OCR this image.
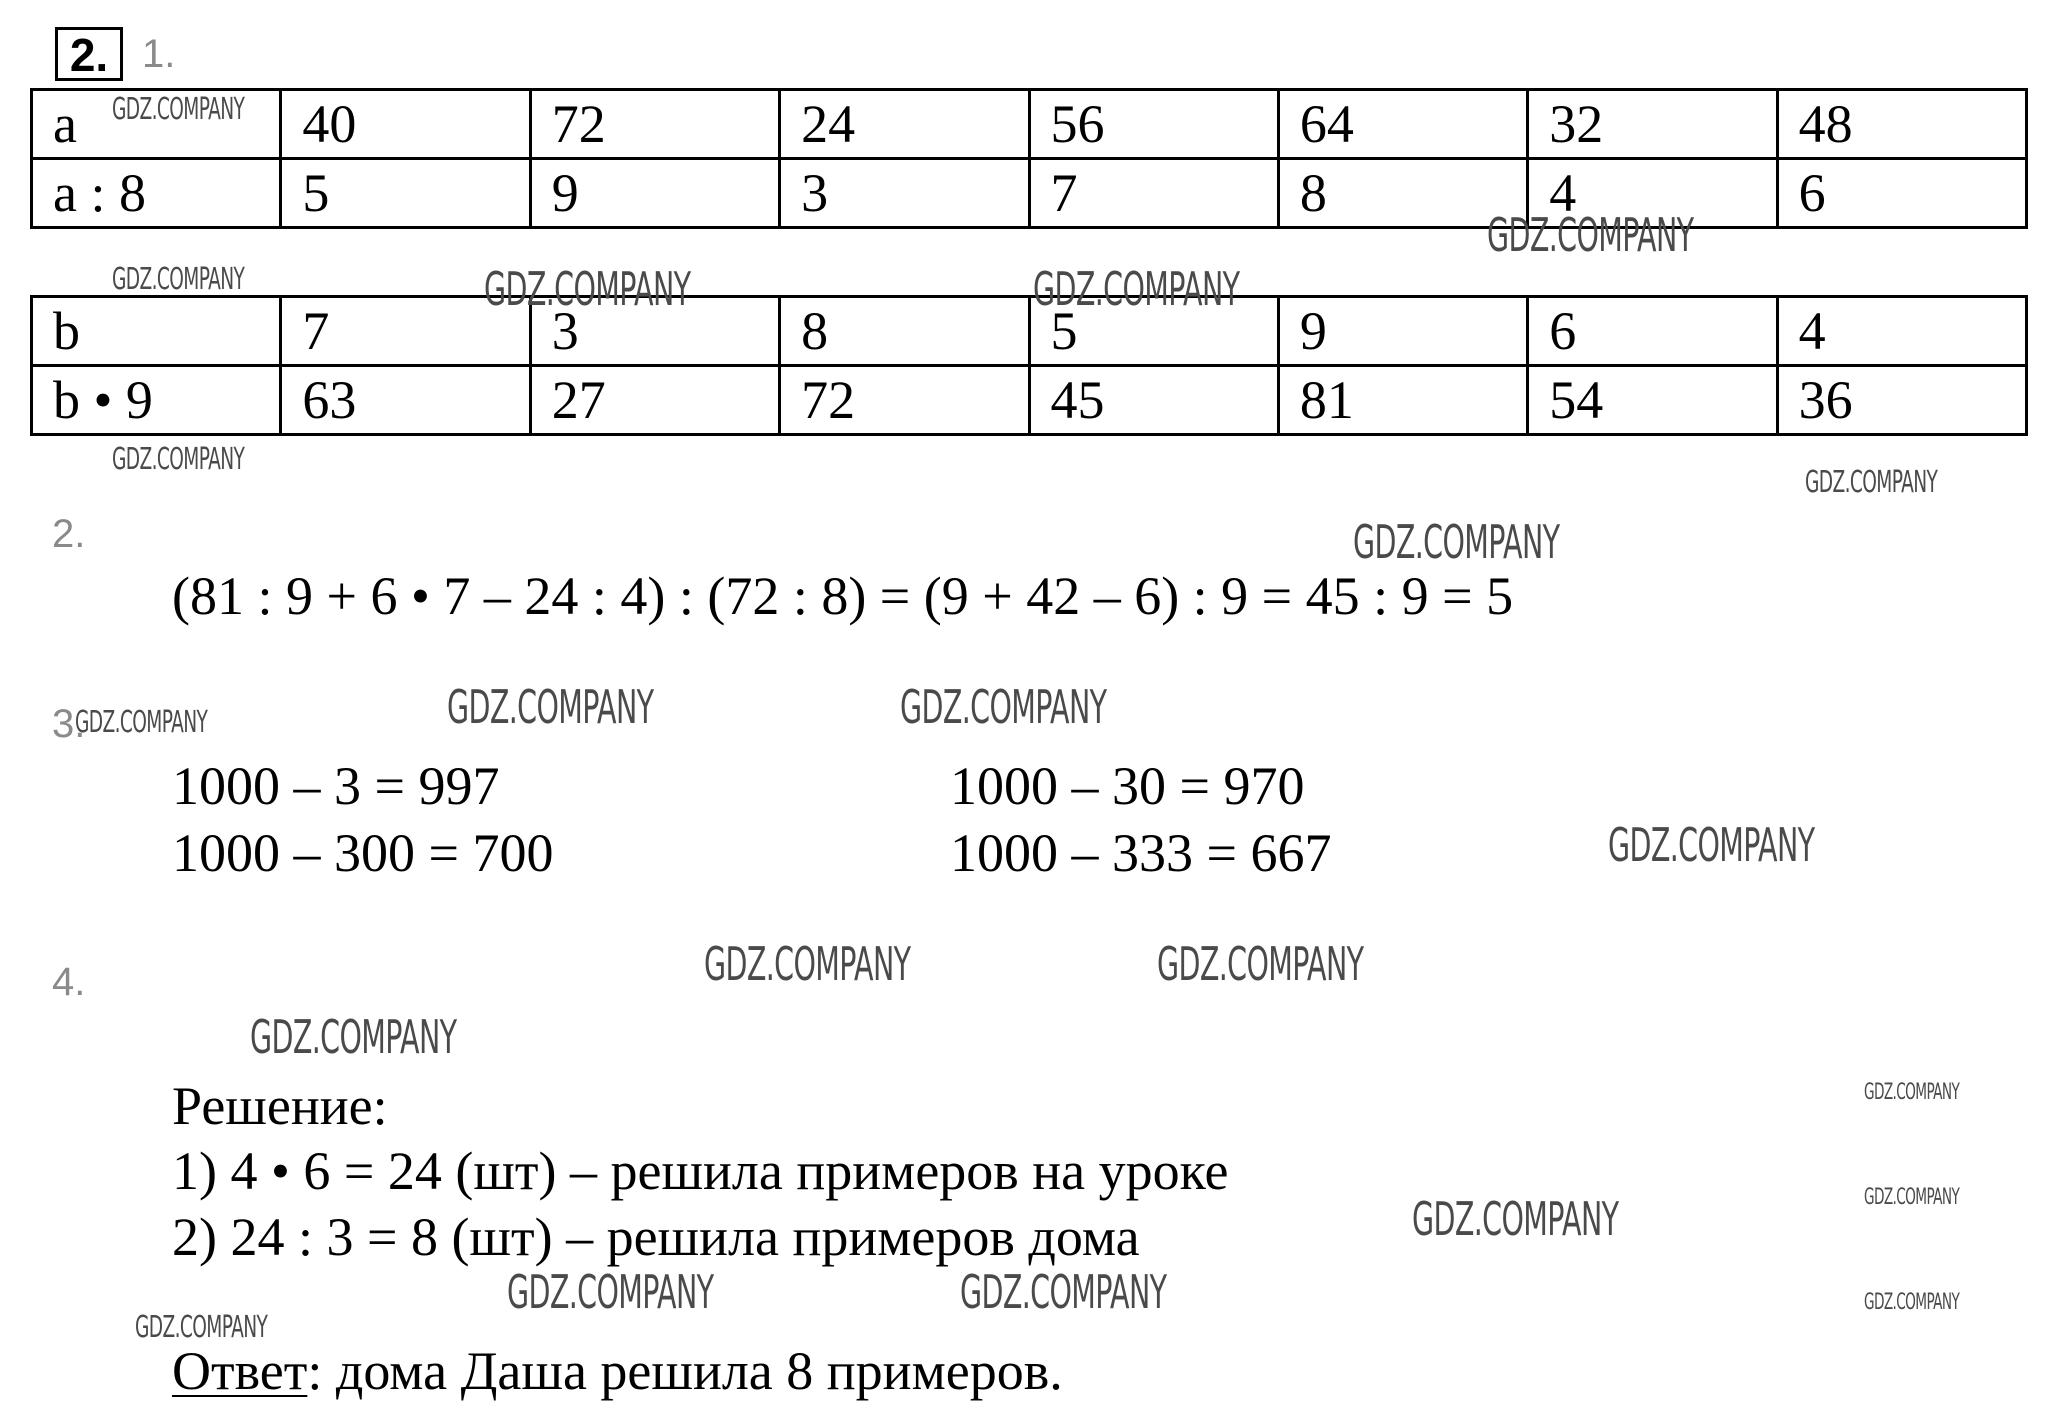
2. 1.
a	40	72	24	56	64	32	48
a : 8	5	9	3	7	8	4	6
b	7	3	8	5	9	6	4
b • 9	63	27	72	45	81	54	36
2.
(81 : 9 + 6 • 7 – 24 : 4) : (72 : 8) = (9 + 42 – 6) : 9 = 45 : 9 = 5
3.
1000 – 3 = 997
1000 – 300 = 700
1000 – 30 = 970
1000 – 333 = 667
4.
Решение:
1) 4 • 6 = 24 (шт) – решила примеров на уроке
2) 24 : 3 = 8 (шт) – решила примеров дома
Ответ: дома Даша решила 8 примеров.
GDZ.COMPANY
GDZ.COMPANY
GDZ.COMPANY	GDZ.COMPANY	GDZ.COMPANY
GDZ.COMPANY
GDZ.COMPANY
GDZ.COMPANY
GDZ.COMPANY	GDZ.COMPANY	GDZ.COMPANY
GDZ.COMPANY
GDZ.COMPANY	GDZ.COMPANY
GDZ.COMPANY
GDZ.COMPANY
GDZ.COMPANY
GDZ.COMPANY
GDZ.COMPANY	GDZ.COMPANY	GDZ.COMPANY
GDZ.COMPANY
